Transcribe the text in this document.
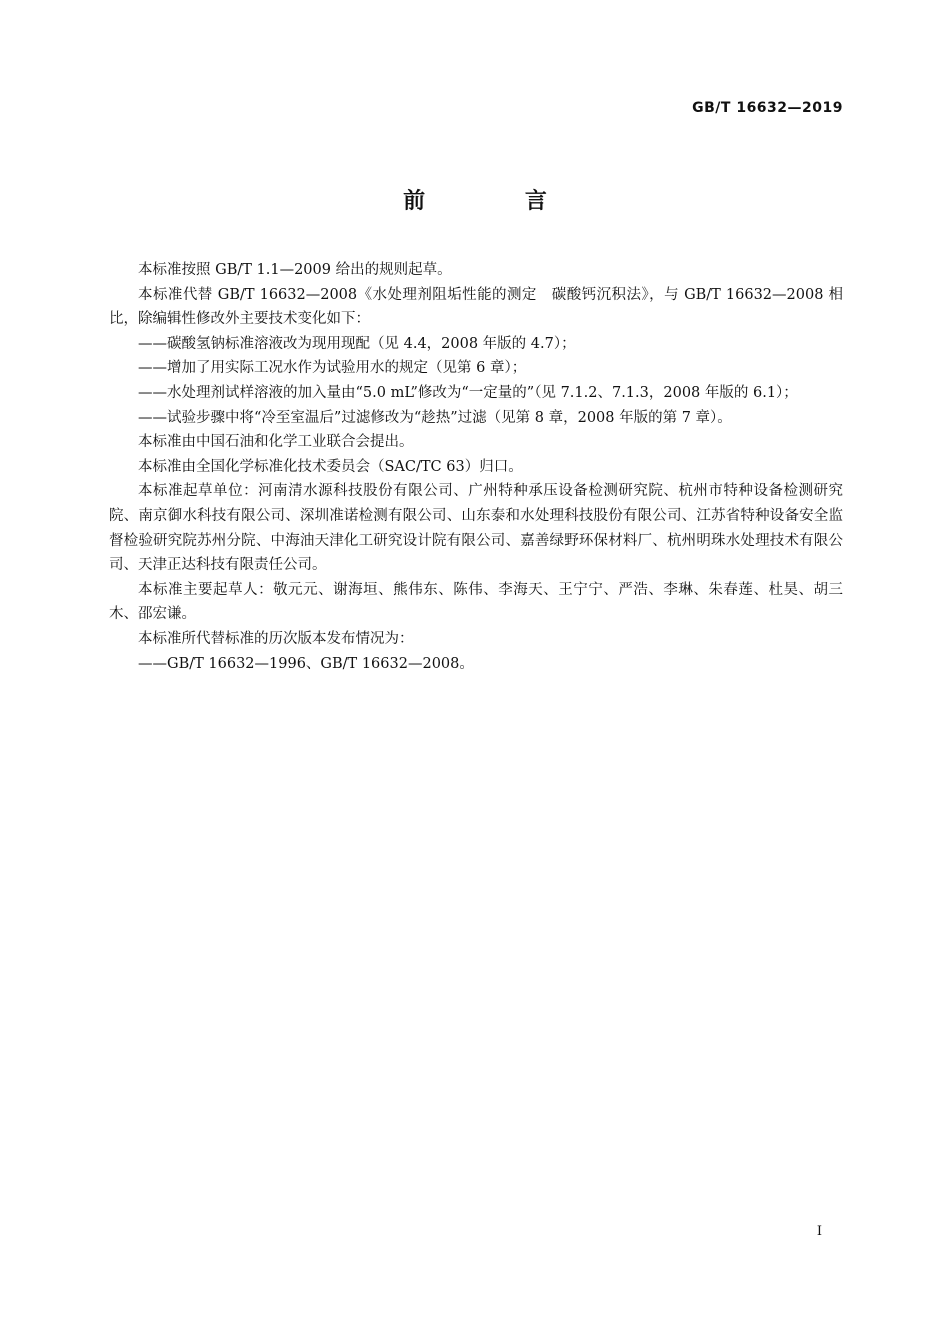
GB/T 16632—2019
前 言

本标准按照 GB/T 1.1—2009 给出的规则起草。

本标准代替 GB/T 16632—2008《水处理剂阻垢性能的测定　碳酸钙沉积法》，与 GB/T 16632—2008 相比，除编辑性修改外主要技术变化如下：

——碳酸氢钠标准溶液改为现用现配（见 4.4，2008 年版的 4.7）；

——增加了用实际工况水作为试验用水的规定（见第 6 章）；

——水处理剂试样溶液的加入量由“5.0 mL”修改为“一定量的”（见 7.1.2、7.1.3，2008 年版的 6.1）；

——试验步骤中将“冷至室温后”过滤修改为“趁热”过滤（见第 8 章，2008 年版的第 7 章）。

本标准由中国石油和化学工业联合会提出。

本标准由全国化学标准化技术委员会（SAC/TC 63）归口。

本标准起草单位：河南清水源科技股份有限公司、广州特种承压设备检测研究院、杭州市特种设备检测研究院、南京御水科技有限公司、深圳准诺检测有限公司、山东泰和水处理科技股份有限公司、江苏省特种设备安全监督检验研究院苏州分院、中海油天津化工研究设计院有限公司、嘉善绿野环保材料厂、杭州明珠水处理技术有限公司、天津正达科技有限责任公司。

本标准主要起草人：敬元元、谢海垣、熊伟东、陈伟、李海天、王宁宁、严浩、李琳、朱春莲、杜昊、胡三木、邵宏谦。

本标准所代替标准的历次版本发布情况为：

——GB/T 16632—1996、GB/T 16632—2008。

I
